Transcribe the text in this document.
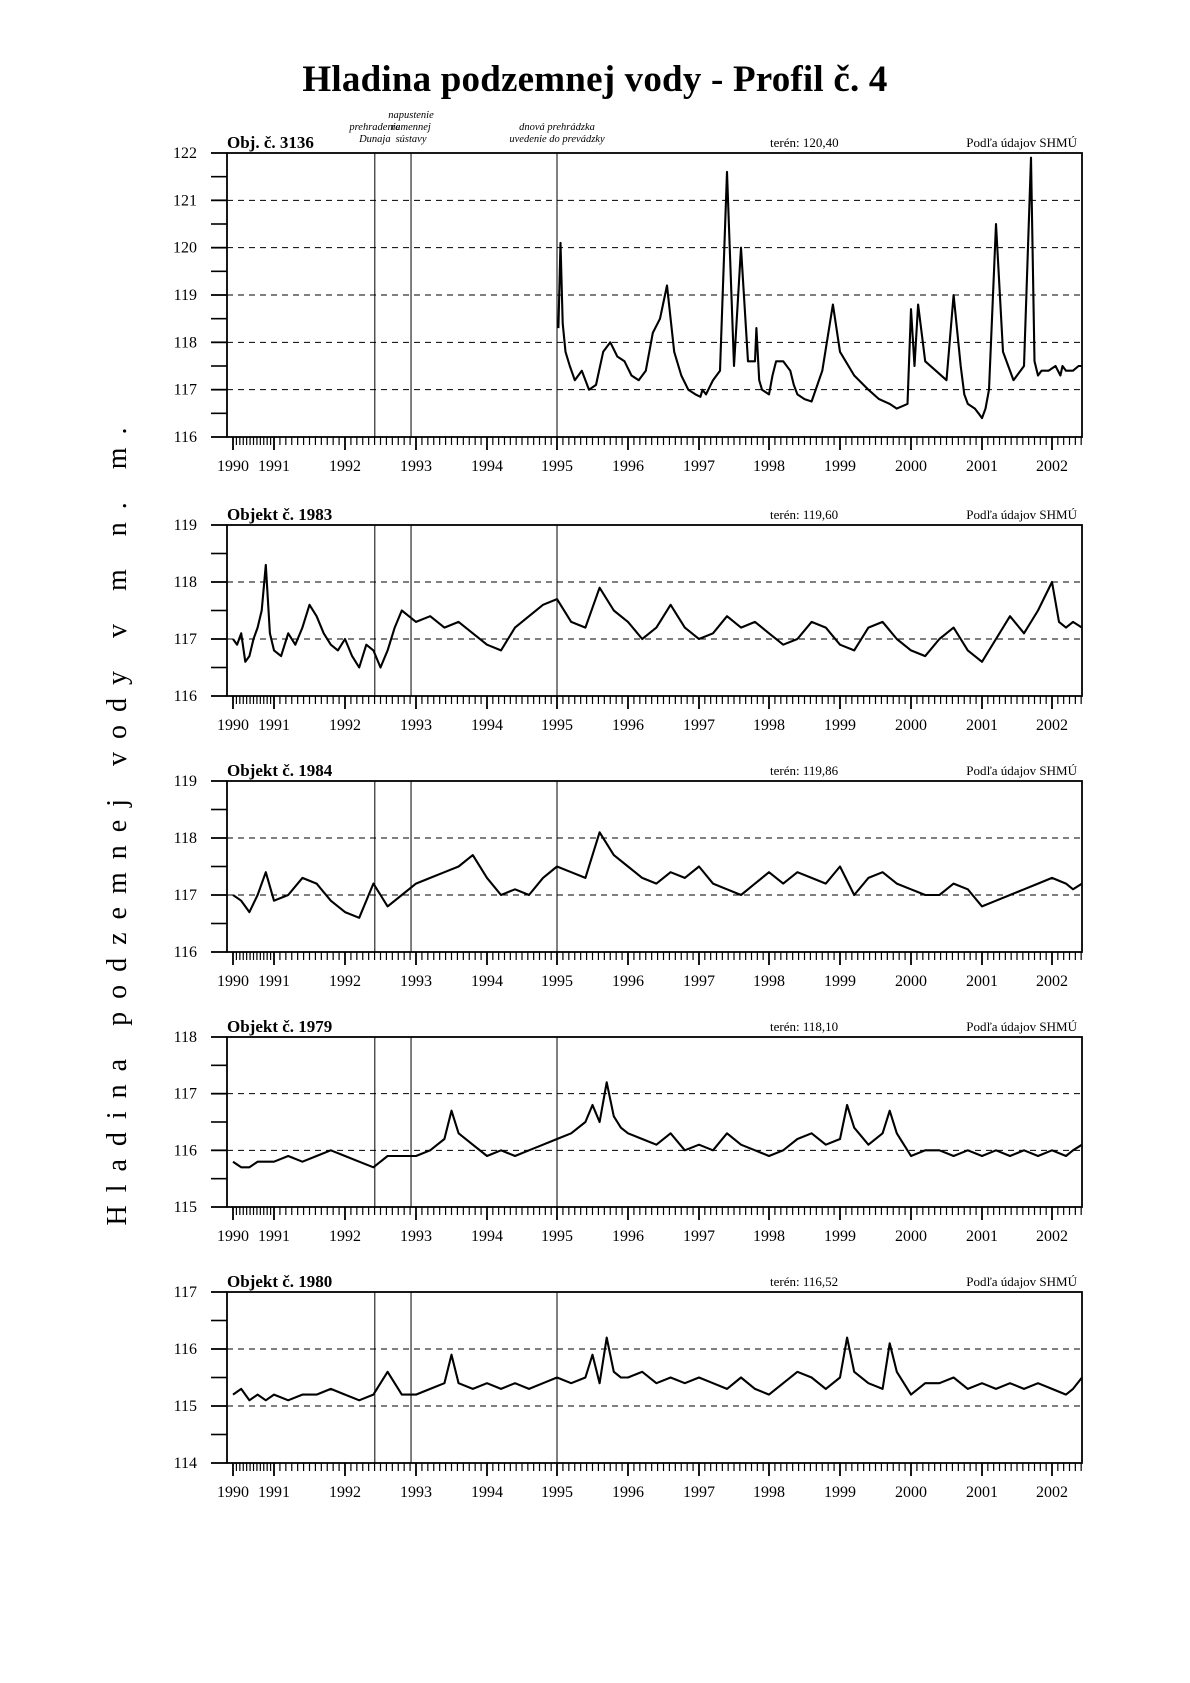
Hladina podzemnej vody - Profil č. 4
Hladina podzemnej vody v m n. m.	116
117
118
119
120
121
122
1990 1991 1992 1993 1994 1995 1996 1997 1998 1999 2000 2001 2002
Obj. č. 3136	terén: 120,40	Podľa údajov SHMÚ
116
117
118
119
1990 1991 1992 1993 1994 1995 1996 1997 1998 1999 2000 2001 2002
Objekt č. 1983	terén: 119,60	Podľa údajov SHMÚ
116
117
118
119
1990 1991 1992 1993 1994 1995 1996 1997 1998 1999 2000 2001 2002
Objekt č. 1984	terén: 119,86	Podľa údajov SHMÚ
115
116
117
118
1990 1991 1992 1993 1994 1995 1996 1997 1998 1999 2000 2001 2002
Objekt č. 1979	terén: 118,10	Podľa údajov SHMÚ
114
115
116
117
1990 1991 1992 1993 1994 1995 1996 1997 1998 1999 2000 2001 2002
Objekt č. 1980	terén: 116,52	Podľa údajov SHMÚ
prehradenie
Dunaja
napustenie
ramennej
sústavy
dnová prehrádzka
uvedenie do prevádzky
